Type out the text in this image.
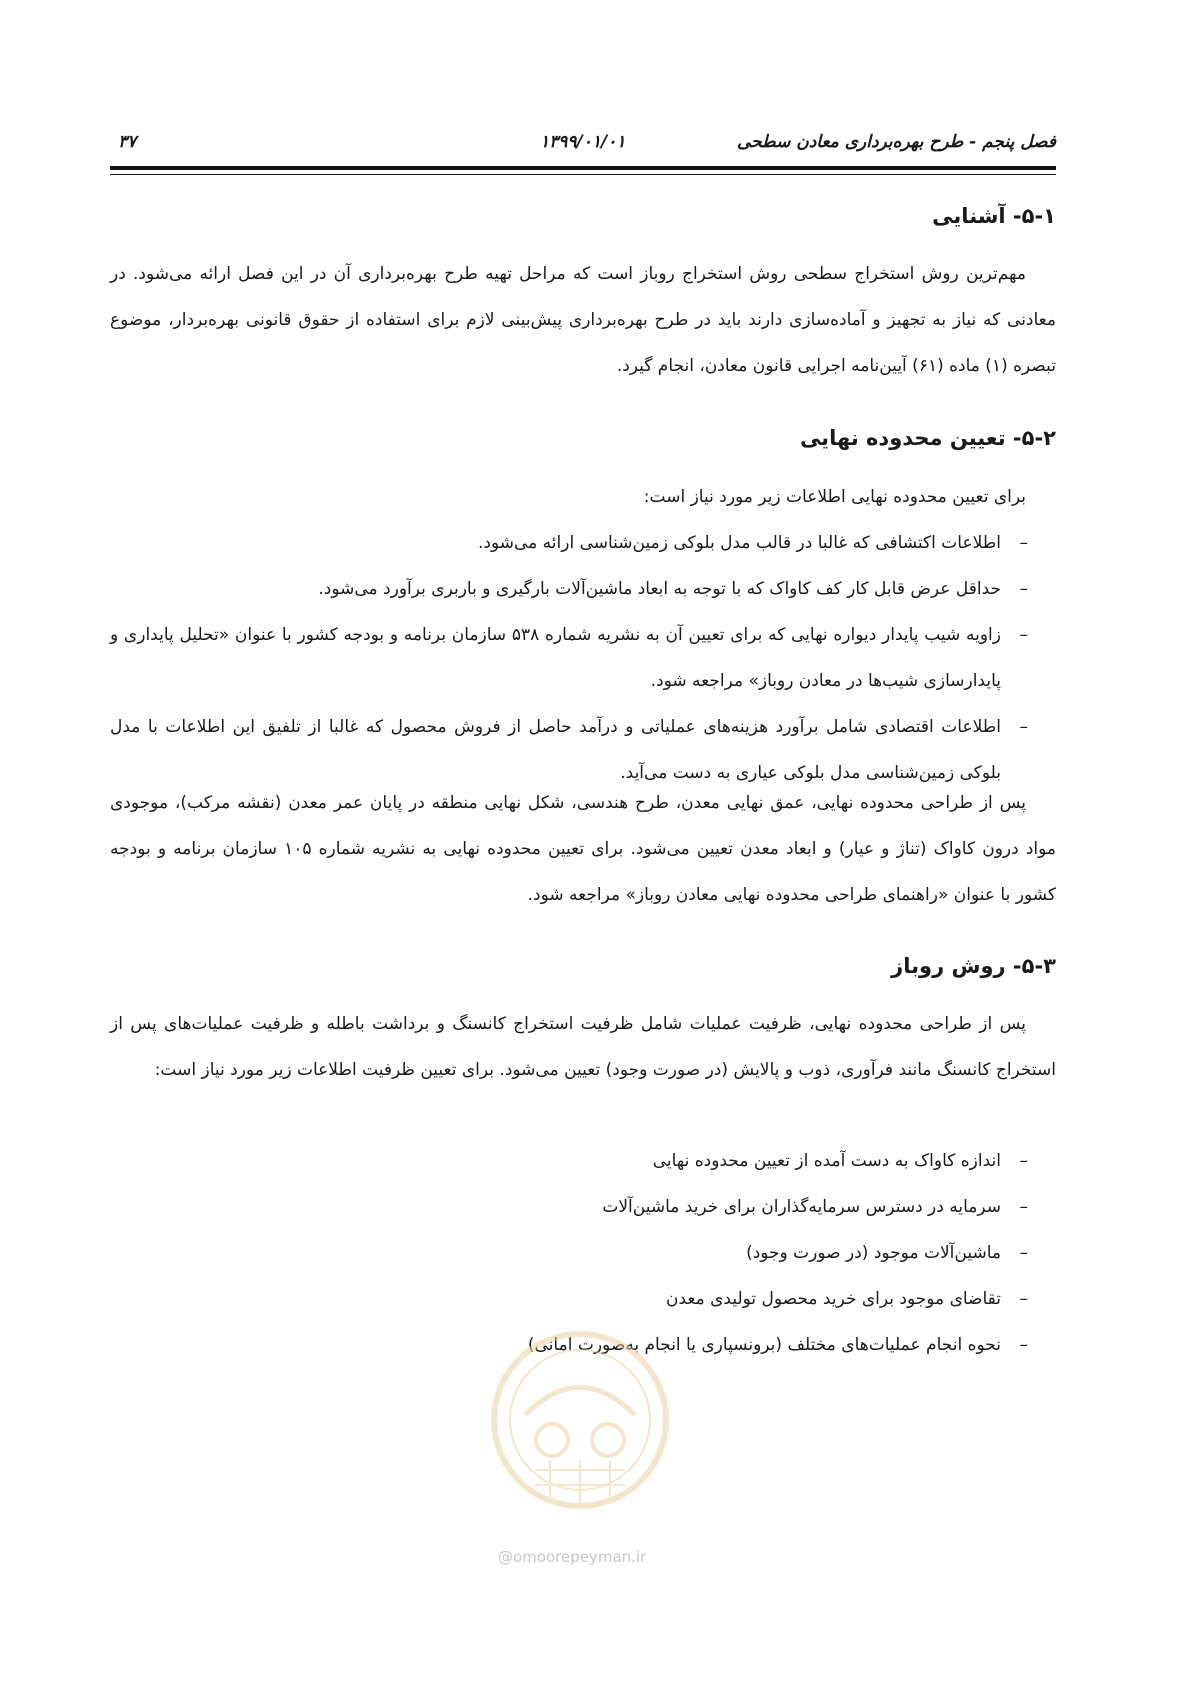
فصل پنجم - طرح بهره‌برداری معادن سطحی
۱۳۹۹/۰۱/۰۱
۳۷
۵-۱- آشنایی
مهم‌ترین روش استخراج سطحی روش استخراج روباز است که مراحل تهیه طرح بهره‌برداری آن در این فصل ارائه می‌شود. در معادنی که نیاز به تجهیز و آماده‌سازی دارند باید در طرح بهره‌برداری پیش‌بینی لازم برای استفاده از حقوق قانونی بهره‌بردار، موضوع تبصره (۱) ماده (۶۱) آیین‌نامه اجرایی قانون معادن، انجام گیرد.
۵-۲- تعیین محدوده نهایی
برای تعیین محدوده نهایی اطلاعات زیر مورد نیاز است:
–
اطلاعات اکتشافی که غالبا در قالب مدل بلوکی زمین‌شناسی ارائه می‌شود.
–
حداقل عرض قابل کار کف کاواک که با توجه به ابعاد ماشین‌آلات بارگیری و باربری برآورد می‌شود.
–
زاویه شیب پایدار دیواره نهایی که برای تعیین آن به نشریه شماره ۵۳۸ سازمان برنامه و بودجه کشور با عنوان «تحلیل پایداری و پایدارسازی شیب‌ها در معادن روباز» مراجعه شود.
–
اطلاعات اقتصادی شامل برآورد هزینه‌های عملیاتی و درآمد حاصل از فروش محصول که غالبا از تلفیق این اطلاعات با مدل بلوکی زمین‌شناسی مدل بلوکی عیاری به دست می‌آید.
پس از طراحی محدوده نهایی، عمق نهایی معدن، طرح هندسی، شکل نهایی منطقه در پایان عمر معدن (نقشه مرکب)، موجودی مواد درون کاواک (تناژ و عیار) و ابعاد معدن تعیین می‌شود. برای تعیین محدوده نهایی به نشریه شماره ۱۰۵ سازمان برنامه و بودجه کشور با عنوان «راهنمای طراحی محدوده نهایی معادن روباز» مراجعه شود.
۵-۳- روش روباز
پس از طراحی محدوده نهایی، ظرفیت عملیات شامل ظرفیت استخراج کانسنگ و برداشت باطله و ظرفیت عملیات‌های پس از استخراج کانسنگ مانند فرآوری، ذوب و پالایش (در صورت وجود) تعیین می‌شود. برای تعیین ظرفیت اطلاعات زیر مورد نیاز است:
–
اندازه کاواک به دست آمده از تعیین محدوده نهایی
–
سرمایه در دسترس سرمایه‌گذاران برای خرید ماشین‌آلات
–
ماشین‌آلات موجود (در صورت وجود)
–
تقاضای موجود برای خرید محصول تولیدی معدن
–
نحوه انجام عملیات‌های مختلف (برونسپاری یا انجام به‌صورت امانی)
@omoorepeyman.ir
